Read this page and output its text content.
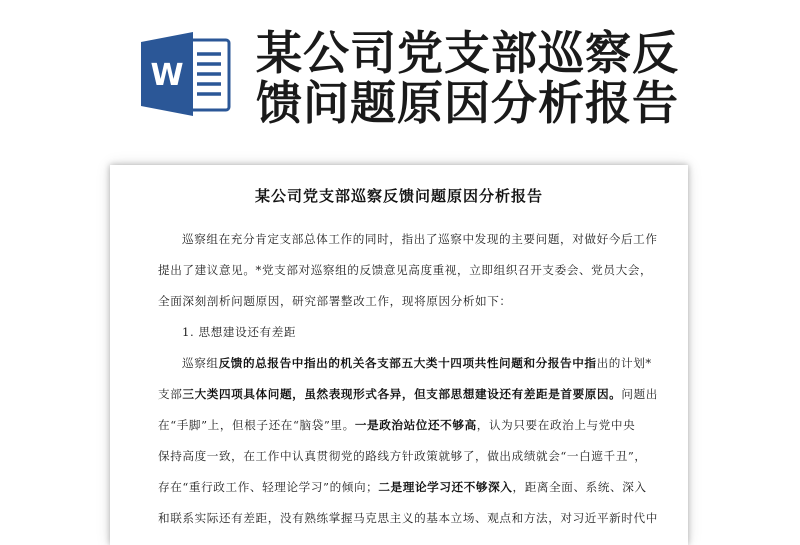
W 某公司党支部巡察反
馈问题原因分析报告
某公司党支部巡察反馈问题原因分析报告
巡察组在充分肯定支部总体工作的同时，指出了巡察中发现的主要问题，对做好今后工作
提出了建议意见。*党支部对巡察组的反馈意见高度重视，立即组织召开支委会、党员大会，
全面深刻剖析问题原因，研究部署整改工作，现将原因分析如下：
1. 思想建设还有差距
巡察组反馈的总报告中指出的机关各支部五大类十四项共性问题和分报告中指出的计划*
支部三大类四项具体问题，虽然表现形式各异，但支部思想建设还有差距是首要原因。问题出
在“手脚”上，但根子还在“脑袋”里。一是政治站位还不够高，认为只要在政治上与党中央
保持高度一致，在工作中认真贯彻党的路线方针政策就够了，做出成绩就会“一白遮千丑”，
存在“重行政工作、轻理论学习”的倾向；二是理论学习还不够深入，距离全面、系统、深入
和联系实际还有差距，没有熟练掌握马克思主义的基本立场、观点和方法，对习近平新时代中
